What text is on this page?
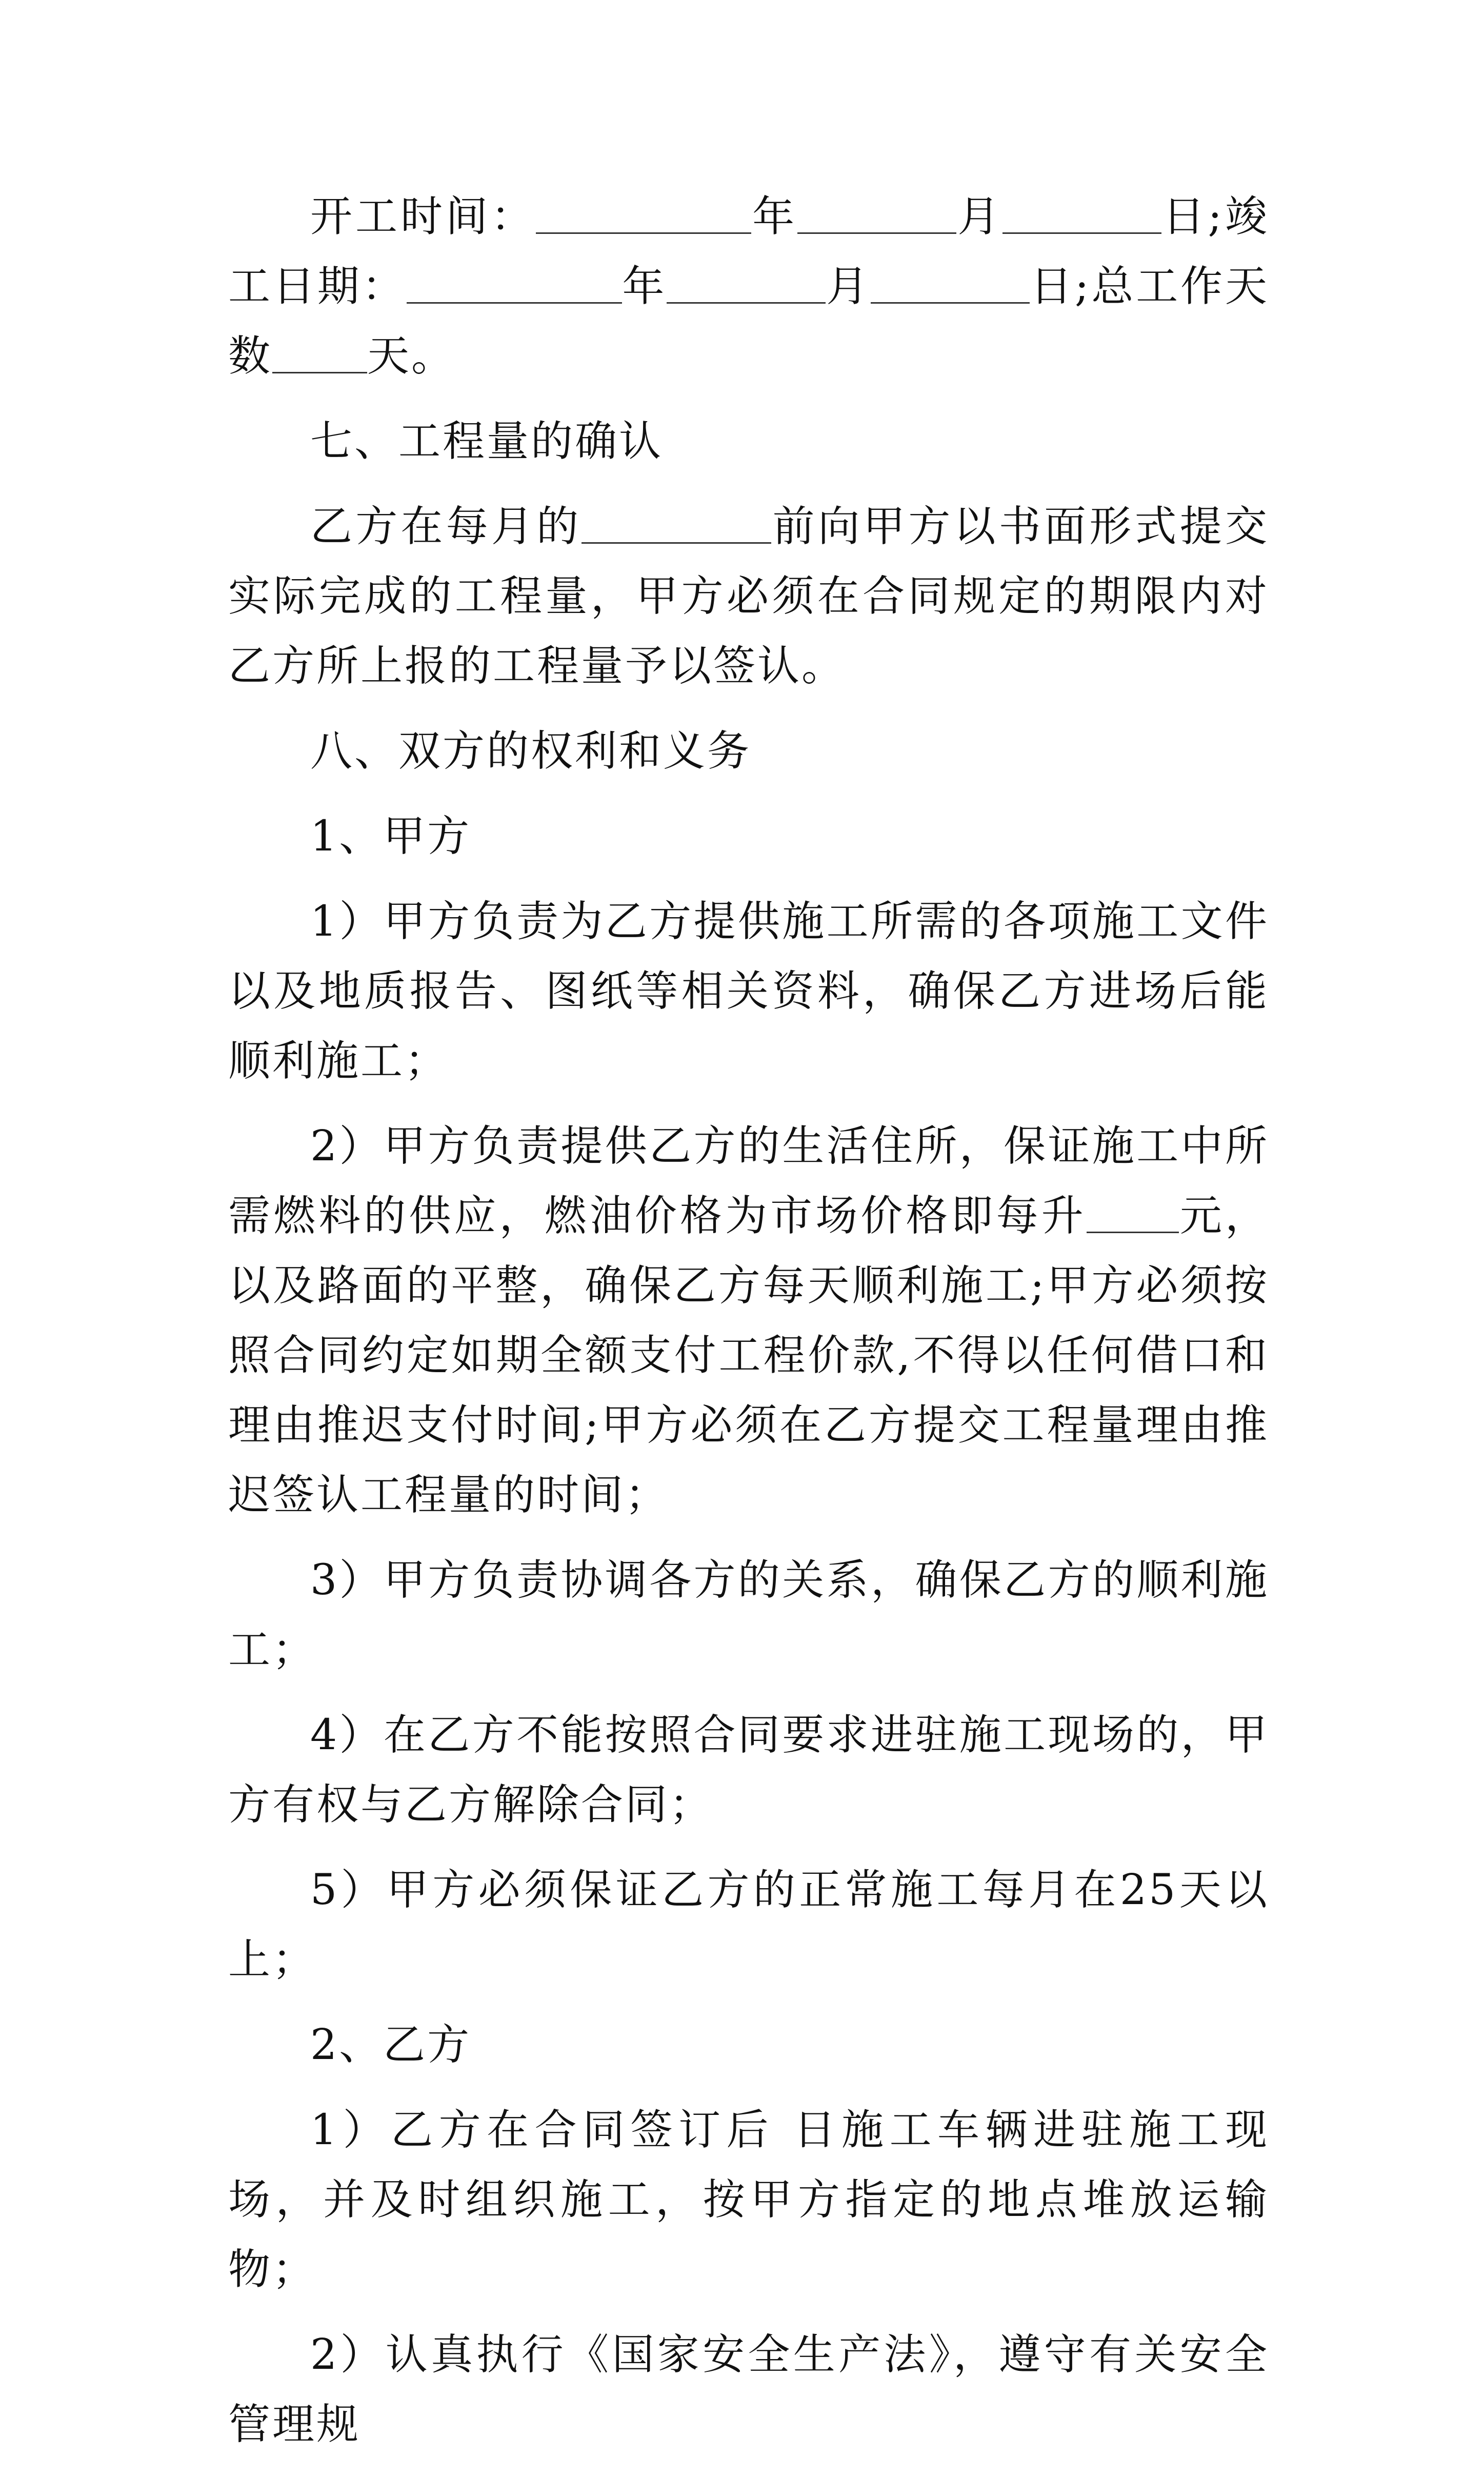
开工时间：	年	月	日;竣工日期：	年	月	日;总工作天数 天。

七、工程量的确认

乙方在每月的	前向甲方以书面形式提交实际完成的工程量，甲方必须在合同规定的期限内对乙方所上报的工程量予以签认。

八、双方的权利和义务

1、甲方

1）甲方负责为乙方提供施工所需的各项施工文件以及地质报告、图纸等相关资料，确保乙方进场后能顺利施工；

2）甲方负责提供乙方的生活住所，保证施工中所需燃料的供应，燃油价格为市场价格即每升 元，以及路面的平整，确保乙方每天顺利施工;甲方必须按照合同约定如期全额支付工程价款,不得以任何借口和理由推迟支付时间;甲方必须在乙方提交工程量理由推迟签认工程量的时间；

3）甲方负责协调各方的关系，确保乙方的顺利施工；

4）在乙方不能按照合同要求进驻施工现场的，甲方有权与乙方解除合同；

5）甲方必须保证乙方的正常施工每月在25天以上；

2、乙方

1）乙方在合同签订后 日施工车辆进驻施工现场，并及时组织施工，按甲方指定的地点堆放运输物；

2）认真执行《国家安全生产法》，遵守有关安全管理规
